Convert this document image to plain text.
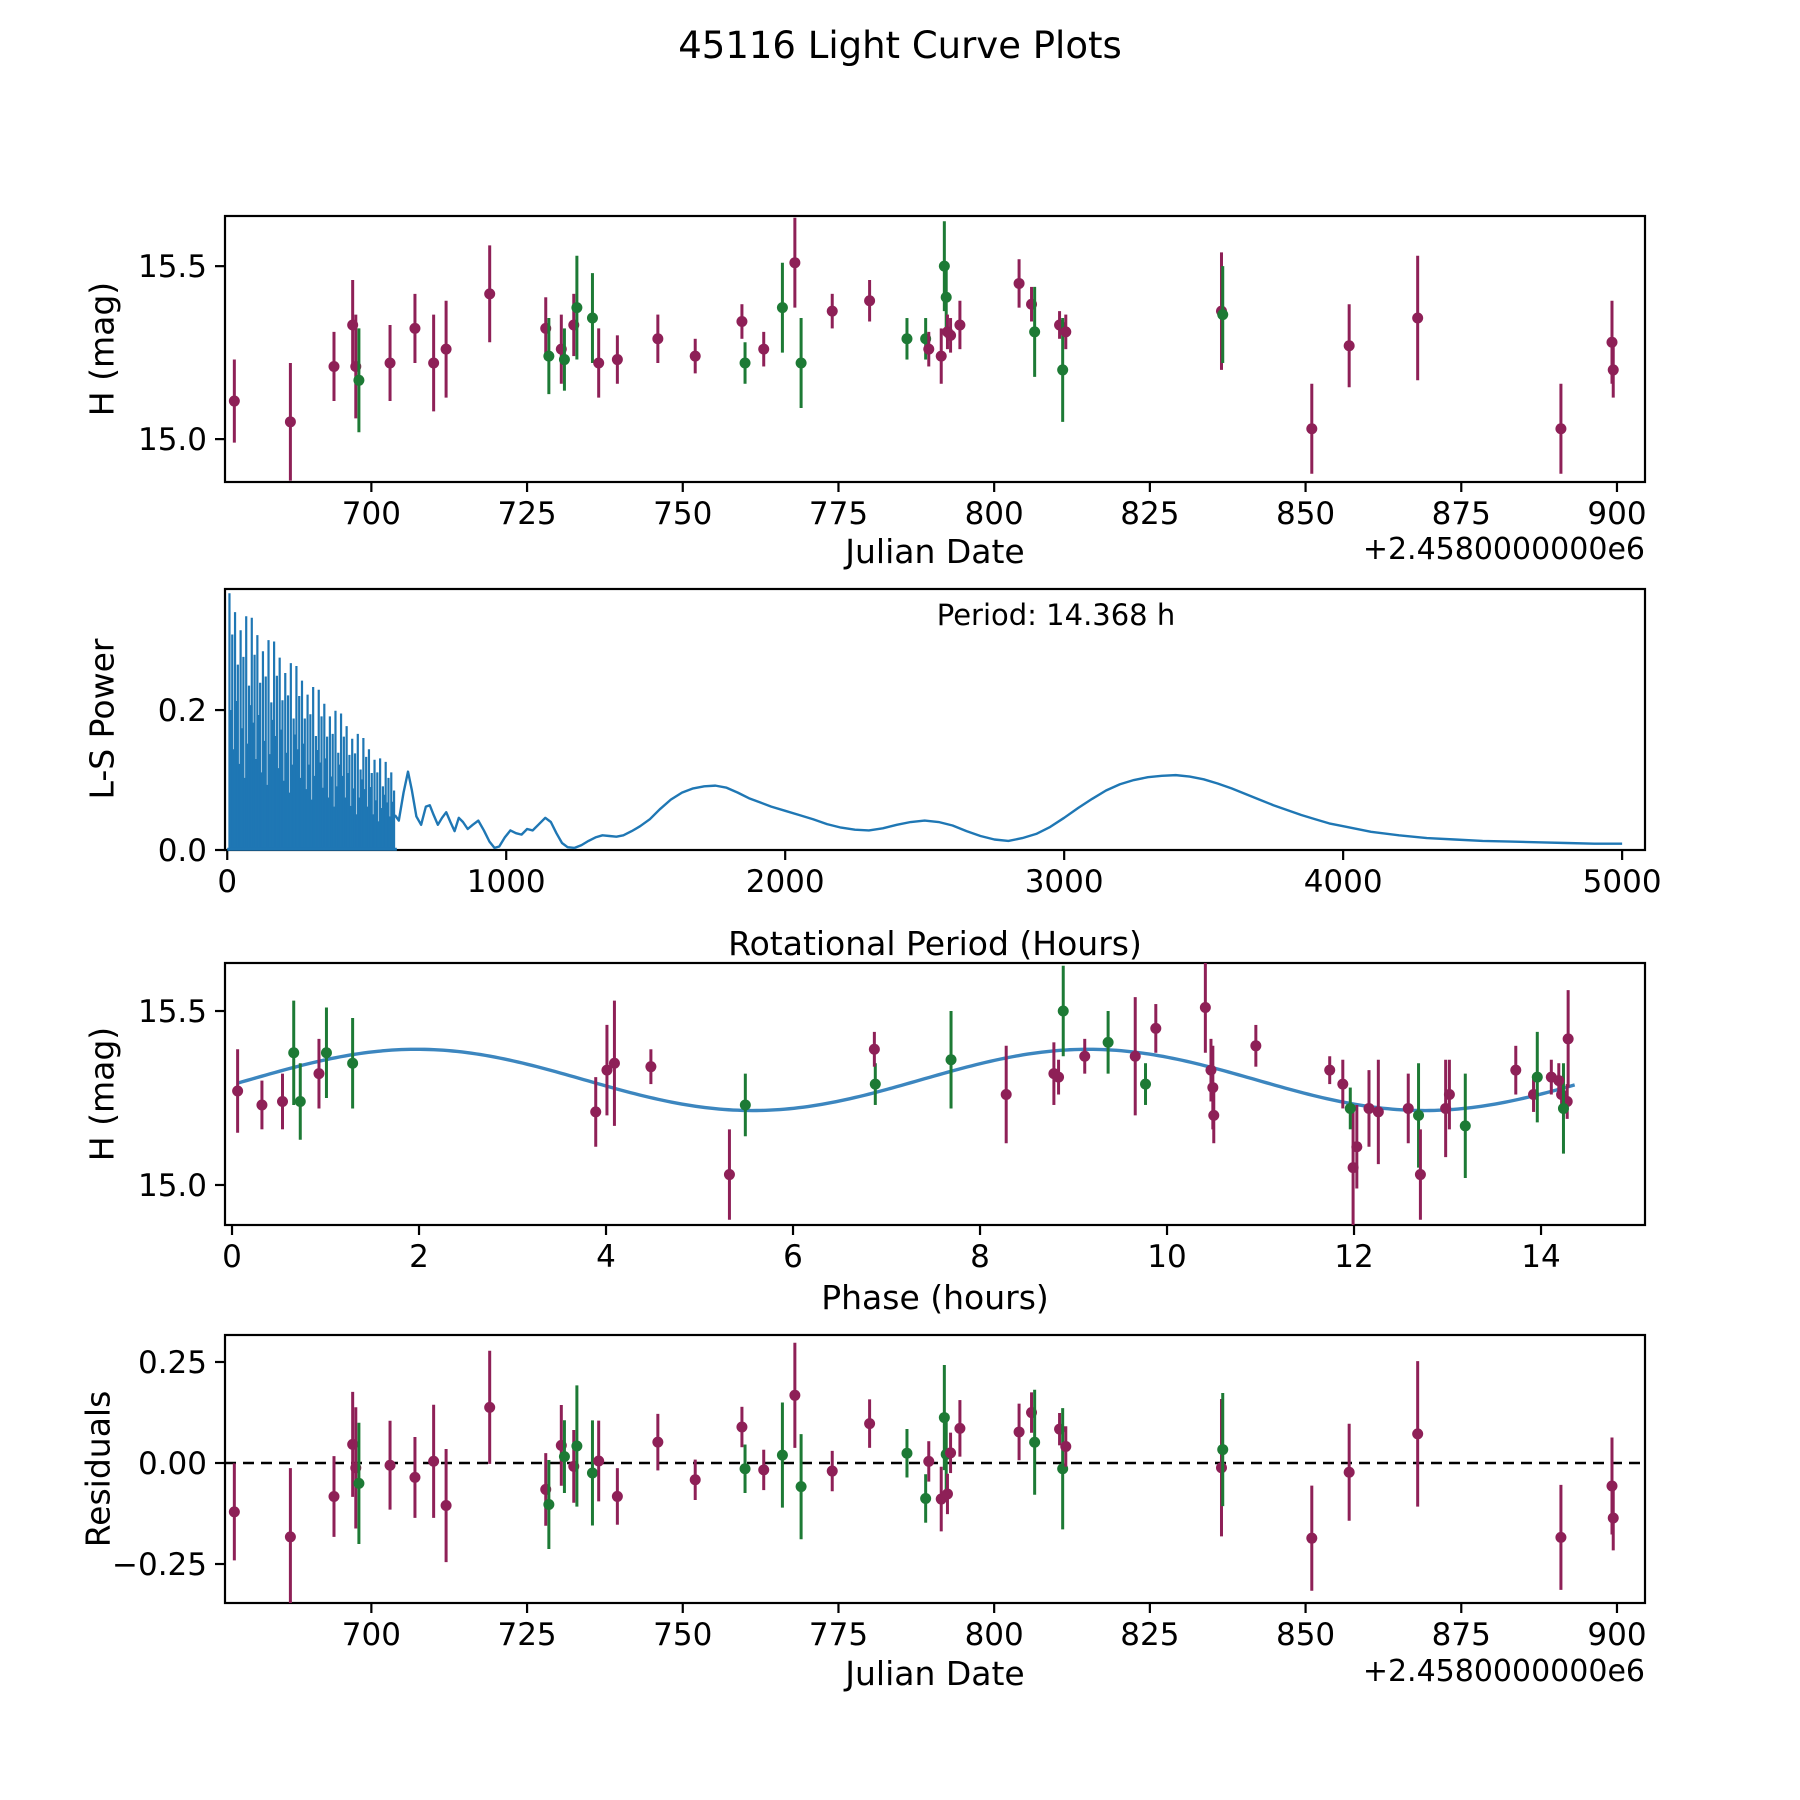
700	725	750	775	800	825	850	875	900
15.0
15.5
0	1000	2000	3000	4000	5000
0.0
0.2
0	2	4	6	8	10	12	14
15.0
15.5
700	725	750	775	800	825	850	875	900
−0.25
0.00
0.25
45116 Light Curve Plots
H (mag)
Julian Date	+2.4580000000e6
L-S Power
Rotational Period (Hours)
Period: 14.368 h
H (mag)
Phase (hours)
Residuals
Julian Date	+2.4580000000e6
